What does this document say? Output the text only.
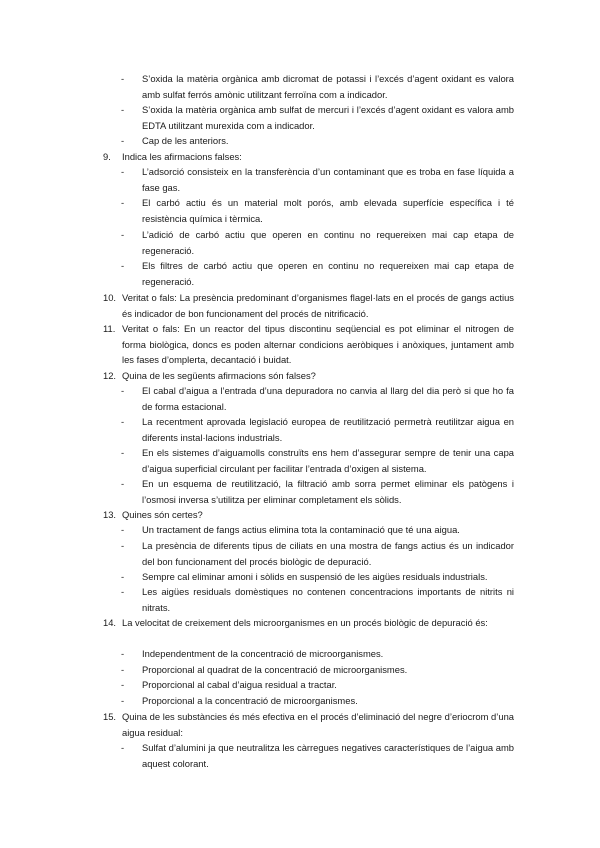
- S’oxida la matèria orgànica amb dicromat de potassi i l’excés d’agent oxidant es valora amb sulfat ferrós amònic utilitzant ferroïna com a indicador.

- S’oxida la matèria orgànica amb sulfat de mercuri i l’excés d’agent oxidant es valora amb EDTA utilitzant murexida com a indicador.

- Cap de les anteriors.

9. Indica les afirmacions falses:

- L’adsorció consisteix en la transferència d’un contaminant que es troba en fase líquida a fase gas.

- El carbó actiu és un material molt porós, amb elevada superfície específica i té resistència química i tèrmica.

- L’adició de carbó actiu que operen en continu no requereixen mai cap etapa de regeneració.

- Els filtres de carbó actiu que operen en continu no requereixen mai cap etapa de regeneració.

10. Veritat o fals: La presència predominant d’organismes flagel·lats en el procés de gangs actius és indicador de bon funcionament del procés de nitrificació.

11. Veritat o fals: En un reactor del tipus discontinu seqüencial es pot eliminar el nitrogen de forma biològica, doncs es poden alternar condicions aeròbiques i anòxiques, juntament amb les fases d’omplerta, decantació i buidat.

12. Quina de les següents afirmacions són falses?

- El cabal d’aigua a l’entrada d’una depuradora no canvia al llarg del dia però si que ho fa de forma estacional.

- La recentment aprovada legislació europea de reutilització permetrà reutilitzar aigua en diferents instal·lacions industrials.

- En els sistemes d’aiguamolls construïts ens hem d’assegurar sempre de tenir una capa d’aigua superficial circulant per facilitar l’entrada d’oxigen al sistema.

- En un esquema de reutilització, la filtració amb sorra permet eliminar els patògens i l’osmosi inversa s’utilitza per eliminar completament els sòlids.

13. Quines són certes?

- Un tractament de fangs actius elimina tota la contaminació que té una aigua.

- La presència de diferents tipus de ciliats en una mostra de fangs actius és un indicador del bon funcionament del procés biològic de depuració.

- Sempre cal eliminar amoni i sòlids en suspensió de les aigües residuals industrials.

- Les aigües residuals domèstiques no contenen concentracions importants de nitrits ni nitrats.

14. La velocitat de creixement dels microorganismes en un procés biològic de depuració és:

- Independentment de la concentració de microorganismes.

- Proporcional al quadrat de la concentració de microorganismes.

- Proporcional al cabal d’aigua residual a tractar.

- Proporcional a la concentració de microorganismes.

15. Quina de les substàncies és més efectiva en el procés d’eliminació del negre d’eriocrom d’una aigua residual:

- Sulfat d’alumini ja que neutralitza les càrregues negatives característiques de l’aigua amb aquest colorant.
